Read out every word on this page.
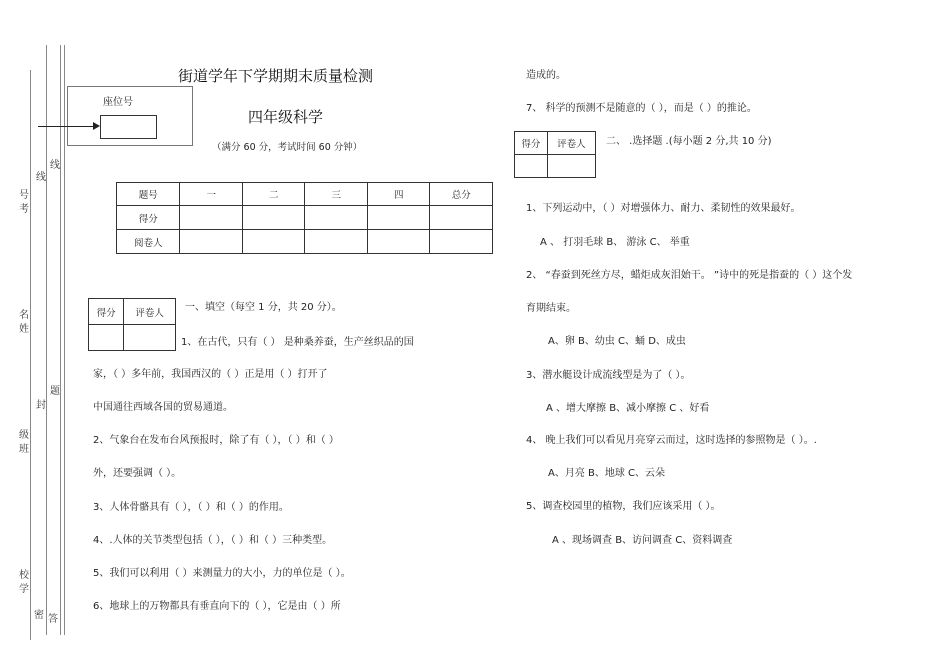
线
线
号
考
名
姓
题
封
级
班
校
学
密 答
座位号
街道学年下学期期末质量检测
四年级科学
（满分 60 分，考试时间 60 分钟）
题号	一	二	三	四	总分
得分					
阅卷人					
得分	评卷人
	一、填空（每空 1 分，共 20 分）。
1、在古代，只有（ ） 是种桑养蚕，生产丝织品的国
家，（ ）多年前，我国西汉的（ ）正是用（ ）打开了
中国通往西域各国的贸易通道。
2、气象台在发布台风预报时，除了有（ ），（ ）和（ ）
外，还要强调（ ）。
3、人体骨骼具有（ ），（ ）和（ ）的作用。
4、.人体的关节类型包括（ ），（ ）和（ ）三种类型。
5、我们可以利用（ ）来测量力的大小，力的单位是（ ）。
6、地球上的万物都具有垂直向下的（ ），它是由（ ）所
造成的。
7、 科学的预测不是随意的（ ），而是（ ）的推论。
得分	评卷人
	二、 .选择题 .(每小题 2 分,共 10 分)
1、下列运动中，（ ）对增强体力、耐力、柔韧性的效果最好。
A 、 打羽毛球 B、 游泳 C、 举重
2、 “春蚕到死丝方尽，蜡炬成灰泪始干。 ”诗中的死是指蚕的（ ）这个发
育期结束。
A、卵 B、幼虫 C、蛹 D、成虫
3、潜水艇设计成流线型是为了（ ）。
A 、增大摩擦 B、减小摩擦 C 、好看
4、 晚上我们可以看见月亮穿云而过，这时选择的参照物是（ ）。.
A、月亮 B、地球 C、云朵
5、调查校园里的植物，我们应该采用（ ）。
A 、现场调查 B、访问调查 C、资料调查
